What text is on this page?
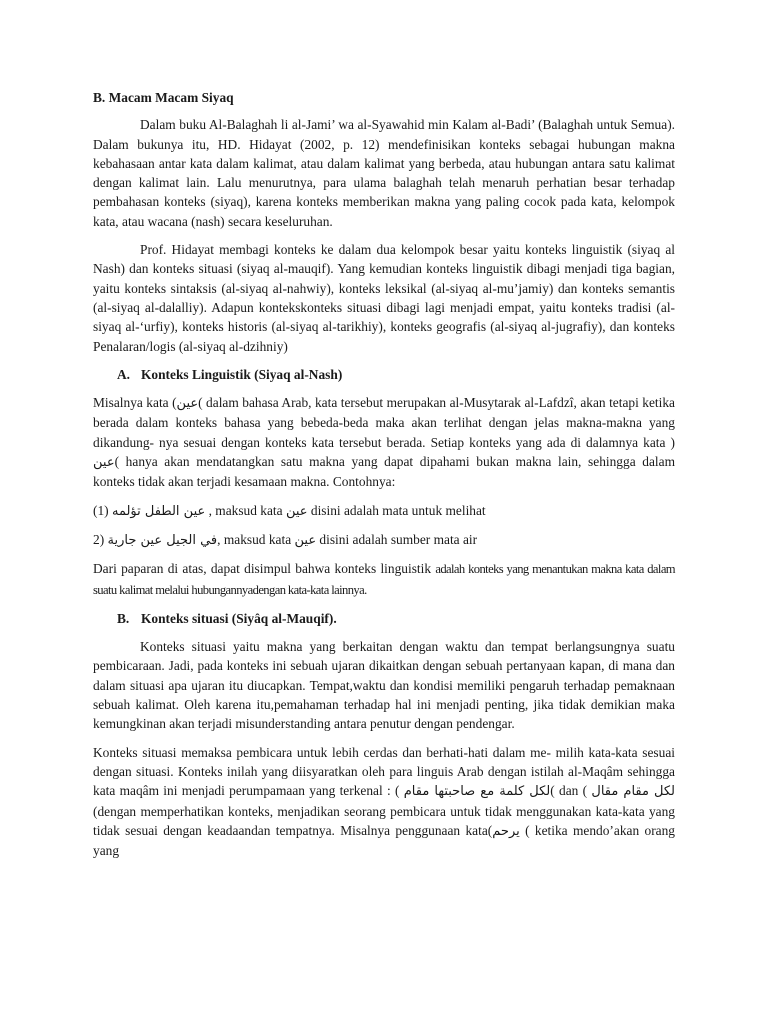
B. Macam Macam Siyaq

Dalam buku Al-Balaghah li al-Jami’ wa al-Syawahid min Kalam al-Badi’ (Balaghah untuk Semua). Dalam bukunya itu, HD. Hidayat (2002, p. 12) mendefinisikan konteks sebagai hubungan makna kebahasaan antar kata dalam kalimat, atau dalam kalimat yang berbeda, atau hubungan antara satu kalimat dengan kalimat lain. Lalu menurutnya, para ulama balaghah telah menaruh perhatian besar terhadap pembahasan konteks (siyaq), karena konteks memberikan makna yang paling cocok pada kata, kelompok kata, atau wacana (nash) secara keseluruhan.

Prof. Hidayat membagi konteks ke dalam dua kelompok besar yaitu konteks linguistik (siyaq al Nash) dan konteks situasi (siyaq al-mauqif). Yang kemudian konteks linguistik dibagi menjadi tiga bagian, yaitu konteks sintaksis (al-siyaq al-nahwiy), konteks leksikal (al-siyaq al-mu’jamiy) dan konteks semantis (al-siyaq al-dalalliy). Adapun kontekskonteks situasi dibagi lagi menjadi empat, yaitu konteks tradisi (al-siyaq al-‘urfiy), konteks historis (al-siyaq al-tarikhiy), konteks geografis (al-siyaq al-jugrafiy), dan konteks Penalaran/logis (al-siyaq al-dzihniy)

A. Konteks Linguistik (Siyaq al-Nash)

Misalnya kata (عين( dalam bahasa Arab, kata tersebut merupakan al-Musytarak al-Lafdzî, akan tetapi ketika berada dalam konteks bahasa yang bebeda-beda maka akan terlihat dengan jelas makna-makna yang dikandung- nya sesuai dengan konteks kata tersebut berada. Setiap konteks yang ada di dalamnya kata ) عين( hanya akan mendatangkan satu makna yang dapat dipahami bukan makna lain, sehingga dalam konteks tidak akan terjadi kesamaan makna. Contohnya:

(1) عين الطفل تؤلمه , maksud kata عين disini adalah mata untuk melihat

2) في الجيل عين جارية, maksud kata عين disini adalah sumber mata air

Dari paparan di atas, dapat disimpul bahwa konteks linguistik adalah konteks yang menantukan makna kata dalam suatu kalimat melalui hubungannyadengan kata-kata lainnya.

B. Konteks situasi (Siyâq al-Mauqif).

Konteks situasi yaitu makna yang berkaitan dengan waktu dan tempat berlangsungnya suatu pembicaraan. Jadi, pada konteks ini sebuah ujaran dikaitkan dengan sebuah pertanyaan kapan, di mana dan dalam situasi apa ujaran itu diucapkan. Tempat,waktu dan kondisi memiliki pengaruh terhadap pemaknaan sebuah kalimat. Oleh karena itu,pemahaman terhadap hal ini menjadi penting, jika tidak demikian maka kemungkinan akan terjadi misunderstanding antara penutur dengan pendengar.

Konteks situasi memaksa pembicara untuk lebih cerdas dan berhati-hati dalam me- milih kata-kata sesuai dengan situasi. Konteks inilah yang diisyaratkan oleh para linguis Arab dengan istilah al-Maqâm sehingga kata maqâm ini menjadi perumpamaan yang terkenal : ( لكل كلمة مع صاحبتها مقام( dan ( لكل مقام مقال (dengan memperhatikan konteks, menjadikan seorang pembicara untuk tidak menggunakan kata-kata yang tidak sesuai dengan keadaandan tempatnya. Misalnya penggunaan kata(يرحم ( ketika mendo’akan orang yang
